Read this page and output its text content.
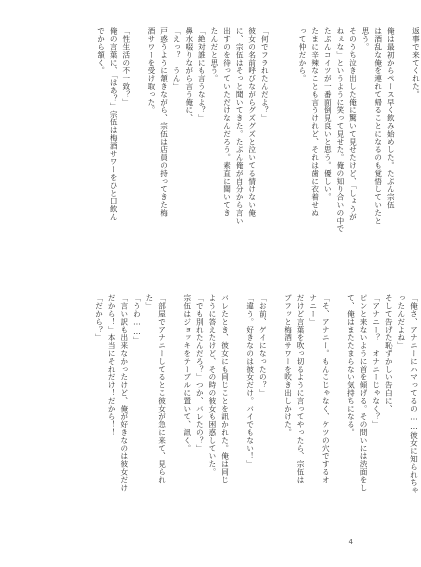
返事で来てくれた。

俺は最初からペース早く飲み始めした。たぶん宗伍
は酒乱な俺を連れて帰ることになるのも覚悟していたと
思う。
そのうち泣き出した俺に驚いて見せたけど、「しょうが
ねぇな」というように笑って見せた。俺の知り合いの中で
たぶんコイツが一番面倒見良いと思う。優しい。
たまに辛辣なことも言うけれど、それは歯に衣着せぬ
って仲だから。

「何でフラれたんだよ？」
彼女の名前呼びながらグズグズと泣いてる情けない俺
に、宗伍はそっと聞いてきた。たぶん俺が自分から言い
出すのを待っていただけなんだろう。素直に聞いてき
たんだと思う。
「絶対誰にも言うなよ？」
鼻水啜りながら言う俺に、
「えっ？　うん」
戸惑うように頷きながら、宗伍は店員の持ってきた梅
酒サワーを受け取った。

「性生活の不一致？」
俺の言葉に、「はあ？」宗伍は梅酒サワーをひと口飲ん
でから頷く。
「俺さ、アナニーにハマってるの……彼女に知られちゃ
ったんだよね」
そして告げた恥ずかしい告白に、
「アナニー？　オナニーじゃなく？」
ピンと来ないように首を傾げる。その問いには渋面をし
て、俺はまたたまらない気持ちになる。

「そ、アナニー。もんこじゃなく、ケツの穴でするオ
ナニー」
だけど言葉を吹っ切るように言ってやったら、宗伍は
ブフッと梅酒サワーを吹き出しかけた。

「お前、ゲイになったの？」
「違う。好きなのは彼女だけ。バイでもない！」

バレたとき、彼女にも同じことを訊かれた。俺は同じ
ように答えたけど、その時の彼女も困惑していた。
「でも別れたんだろ？」つか、バレたの？」
宗伍はジョッキをテーブルに置いて、訊く。

「部屋でアナニーしてるとこ彼女が急に来て、見られ
た」
「うわ……」
「言い訳も出来なかったけど、俺が好きなのは彼女だけ
だから！」本当にそれだけ！だから！！
「だから？」
4
